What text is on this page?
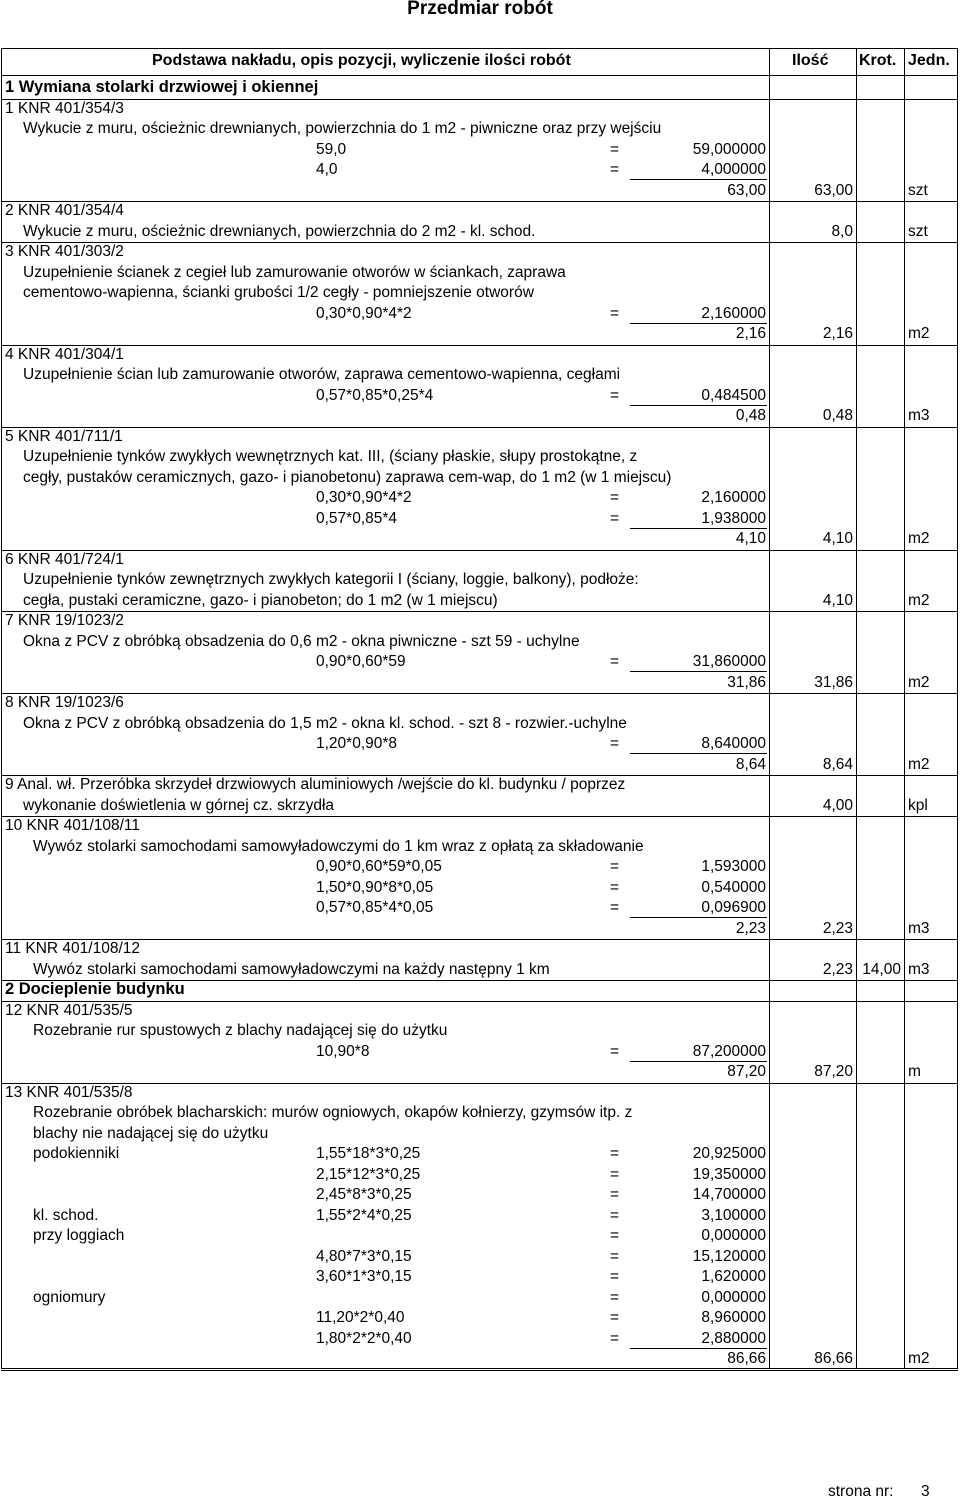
Przedmiar robót
Podstawa nakładu, opis pozycji, wyliczenie ilości robót	Ilość Krot. Jedn.
1 Wymiana stolarki drzwiowej i okiennej
1 KNR 401/354/3
Wykucie z muru, ościeżnic drewnianych, powierzchnia do 1 m2 - piwniczne oraz przy wejściu
59,0	=	59,000000
4,0	=	4,000000
63,00	63,00	szt
2 KNR 401/354/4
Wykucie z muru, ościeżnic drewnianych, powierzchnia do 2 m2 - kl. schod.	8,0	szt
3 KNR 401/303/2
Uzupełnienie ścianek z cegieł lub zamurowanie otworów w ściankach, zaprawa
cementowo-wapienna, ścianki grubości 1/2 cegły - pomniejszenie otworów
0,30*0,90*4*2	=	2,160000
2,16	2,16	m2
4 KNR 401/304/1
Uzupełnienie ścian lub zamurowanie otworów, zaprawa cementowo-wapienna, cegłami
0,57*0,85*0,25*4	=	0,484500
0,48	0,48	m3
5 KNR 401/711/1
Uzupełnienie tynków zwykłych wewnętrznych kat. III, (ściany płaskie, słupy prostokątne, z
cegły, pustaków ceramicznych, gazo- i pianobetonu) zaprawa cem-wap, do 1 m2 (w 1 miejscu)
0,30*0,90*4*2	=	2,160000
0,57*0,85*4	=	1,938000
4,10	4,10	m2
6 KNR 401/724/1
Uzupełnienie tynków zewnętrznych zwykłych kategorii I (ściany, loggie, balkony), podłoże:
cegła, pustaki ceramiczne, gazo- i pianobeton; do 1 m2 (w 1 miejscu)	4,10	m2
7 KNR 19/1023/2
Okna z PCV z obróbką obsadzenia do 0,6 m2 - okna piwniczne - szt 59 - uchylne
0,90*0,60*59	=	31,860000
31,86	31,86	m2
8 KNR 19/1023/6
Okna z PCV z obróbką obsadzenia do 1,5 m2 - okna kl. schod. - szt 8 - rozwier.-uchylne
1,20*0,90*8	=	8,640000
8,64	8,64	m2
9 Anal. wł. Przeróbka skrzydeł drzwiowych aluminiowych /wejście do kl. budynku / poprzez
wykonanie doświetlenia w górnej cz. skrzydła	4,00	kpl
10 KNR 401/108/11
Wywóz stolarki samochodami samowyładowczymi do 1 km wraz z opłatą za składowanie
0,90*0,60*59*0,05	=	1,593000
1,50*0,90*8*0,05	=	0,540000
0,57*0,85*4*0,05	=	0,096900
2,23	2,23	m3
11 KNR 401/108/12
Wywóz stolarki samochodami samowyładowczymi na każdy następny 1 km	2,23 14,00 m3
2 Docieplenie budynku
12 KNR 401/535/5
Rozebranie rur spustowych z blachy nadającej się do użytku
10,90*8	=	87,200000
87,20	87,20	m
13 KNR 401/535/8
Rozebranie obróbek blacharskich: murów ogniowych, okapów kołnierzy, gzymsów itp. z
blachy nie nadającej się do użytku
podokienniki	1,55*18*3*0,25	=	20,925000
2,15*12*3*0,25	=	19,350000
2,45*8*3*0,25	=	14,700000
kl. schod.	1,55*2*4*0,25	=	3,100000
przy loggiach	=	0,000000
4,80*7*3*0,15	=	15,120000
3,60*1*3*0,15	=	1,620000
ogniomury	=	0,000000
11,20*2*0,40	=	8,960000
1,80*2*2*0,40	=	2,880000
86,66	86,66	m2
strona nr: 3
